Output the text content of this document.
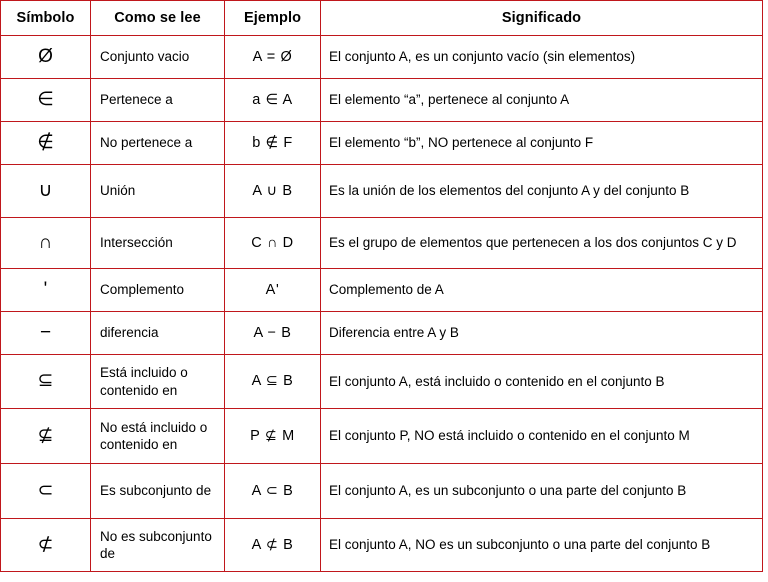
Símbolo	Como se lee	Ejemplo	Significado

Ø	Conjunto vacio	A = Ø	El conjunto A, es un conjunto vacío (sin elementos)

∈	Pertenece a	a ∈ A	El elemento “a”, pertenece al conjunto A

∉	No pertenece a	b ∉ F	El elemento “b”, NO pertenece al conjunto F

∪	Unión	A ∪ B	Es la unión de los elementos del conjunto A y del conjunto B

∩	Intersección	C ∩ D	Es el grupo de elementos que pertenecen a los dos conjuntos C y D

'	Complemento	A'	Complemento de A

−	diferencia	A − B	Diferencia entre A y B

⊆	Está incluido o contenido en	A ⊆ B	El conjunto A, está incluido o contenido en el conjunto B

⊈	No está incluido o contenido en	P ⊈ M	El conjunto P, NO está incluido o contenido en el conjunto M

⊂	Es subconjunto de	A ⊂ B	El conjunto A, es un subconjunto o una parte del conjunto B

⊄	No es subconjunto de	A ⊄ B	El conjunto A, NO es un subconjunto o una parte del conjunto B
